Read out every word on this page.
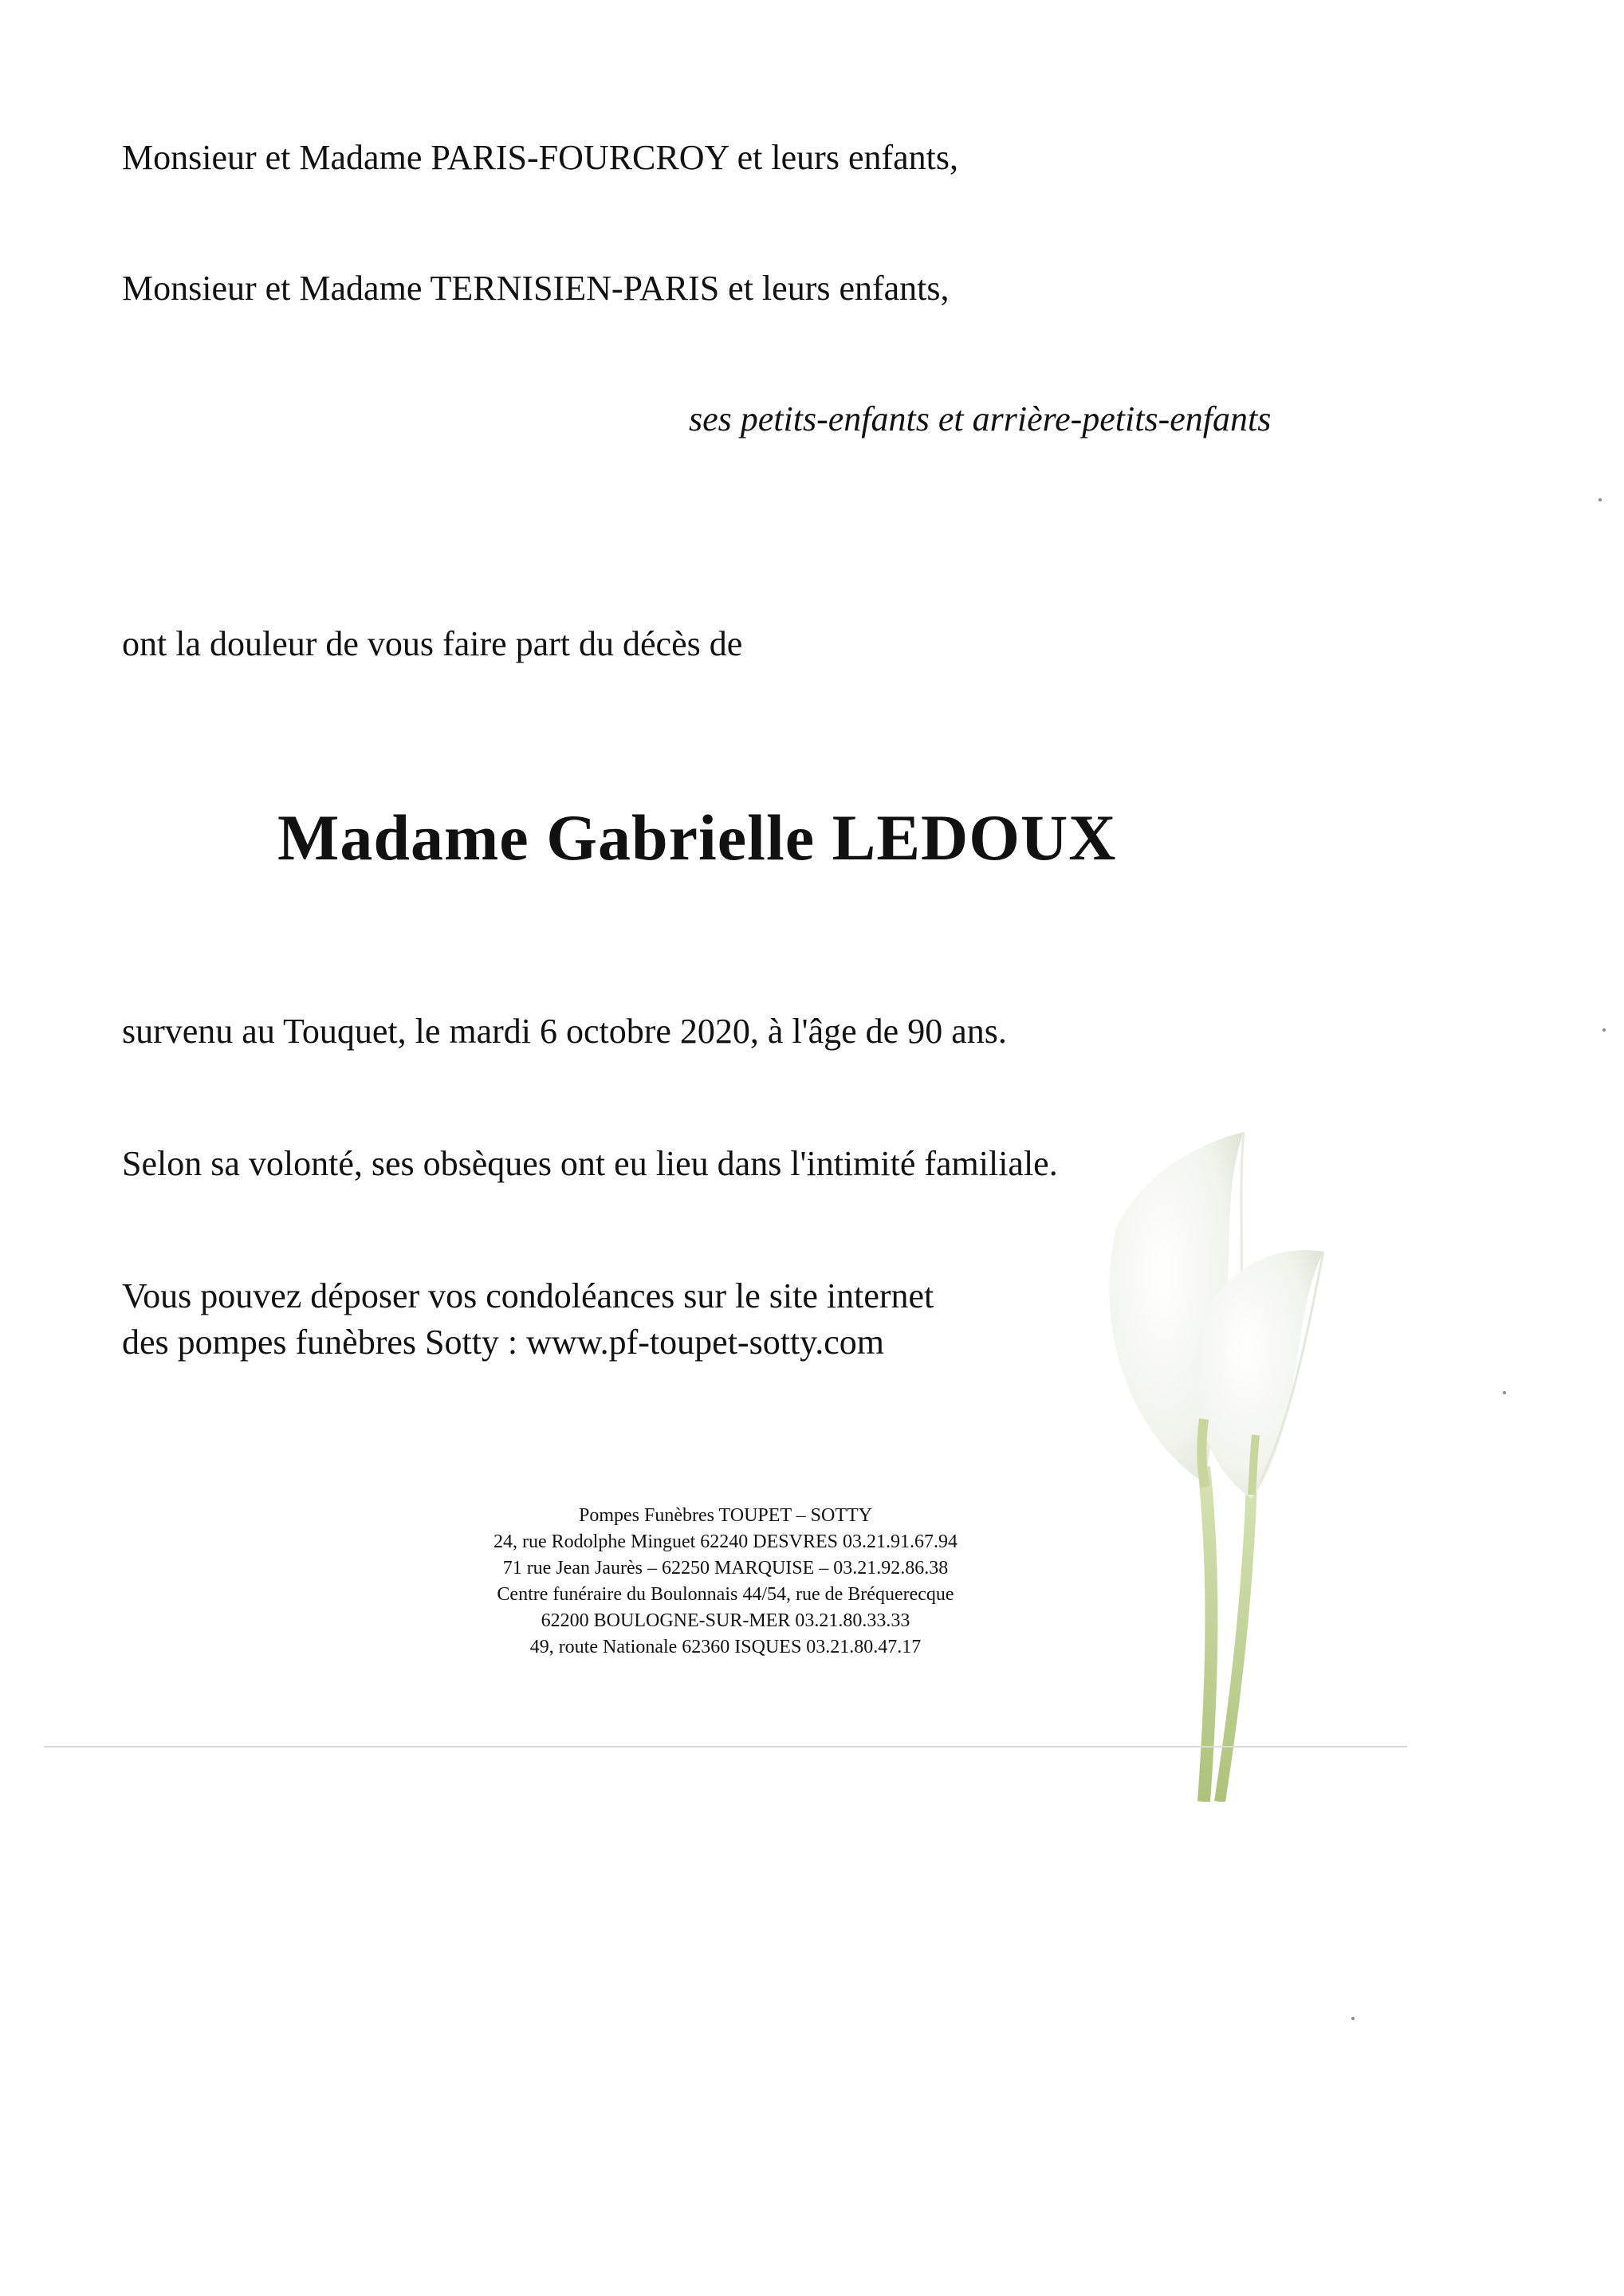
Monsieur et Madame PARIS-FOURCROY et leurs enfants,
Monsieur et Madame TERNISIEN-PARIS et leurs enfants,
ses petits-enfants et arrière-petits-enfants
ont la douleur de vous faire part du décès de
Madame Gabrielle LEDOUX
survenu au Touquet, le mardi 6 octobre 2020, à l'âge de 90 ans.
Selon sa volonté, ses obsèques ont eu lieu dans l'intimité familiale.
Vous pouvez déposer vos condoléances sur le site internet
des pompes funèbres Sotty : www.pf-toupet-sotty.com
Pompes Funèbres TOUPET – SOTTY
24, rue Rodolphe Minguet 62240 DESVRES 03.21.91.67.94
71 rue Jean Jaurès – 62250 MARQUISE – 03.21.92.86.38
Centre funéraire du Boulonnais 44/54, rue de Bréquerecque
62200 BOULOGNE-SUR-MER 03.21.80.33.33
49, route Nationale 62360 ISQUES 03.21.80.47.17
